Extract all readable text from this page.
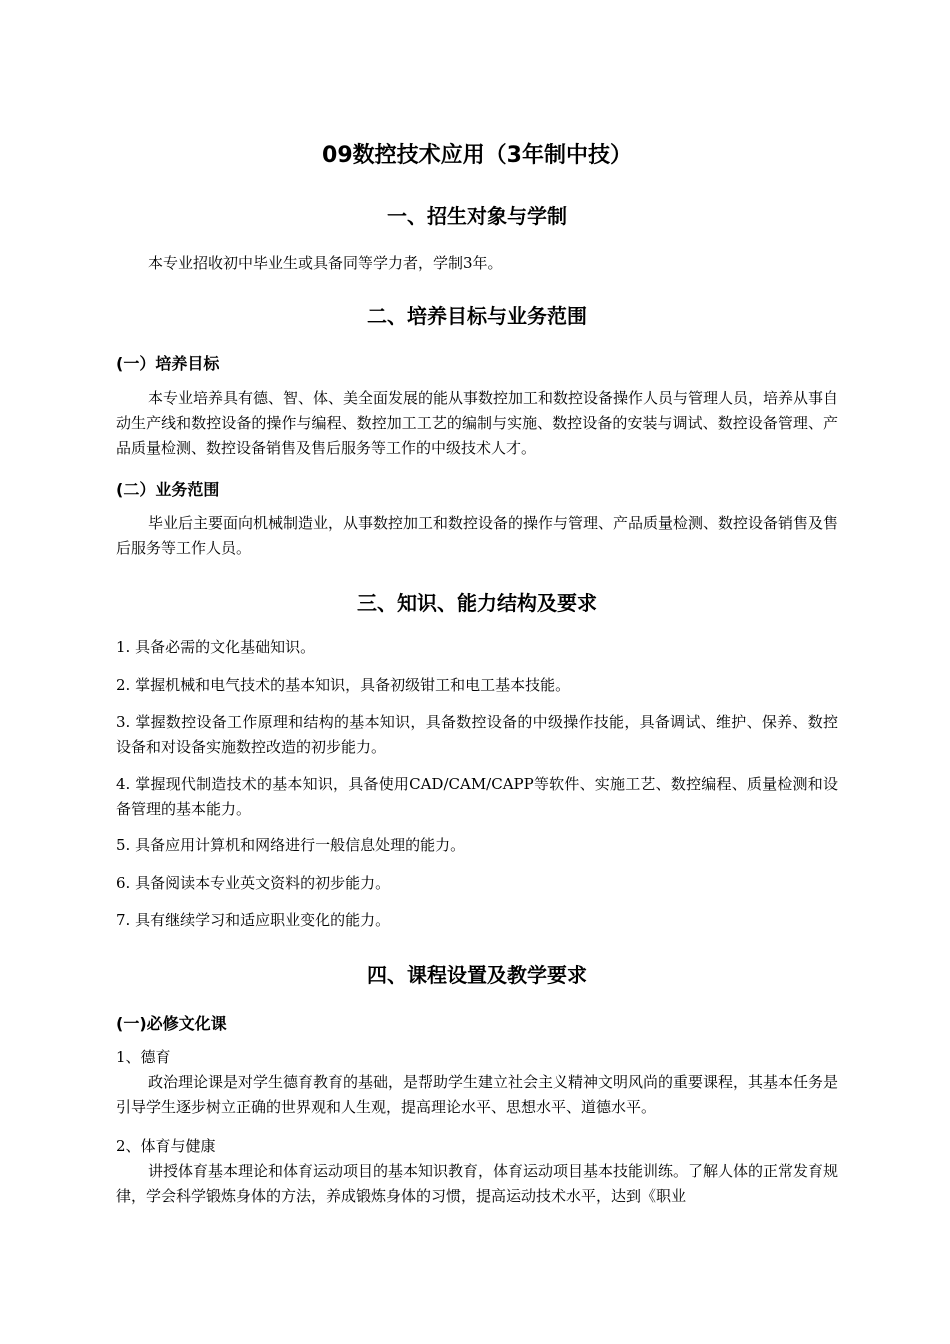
09数控技术应用（3年制中技）
一、招生对象与学制

本专业招收初中毕业生或具备同等学力者，学制3年。

二、培养目标与业务范围
(一）培养目标

本专业培养具有德、智、体、美全面发展的能从事数控加工和数控设备操作人员与管理人员，培养从事自动生产线和数控设备的操作与编程、数控加工工艺的编制与实施、数控设备的安装与调试、数控设备管理、产品质量检测、数控设备销售及售后服务等工作的中级技术人才。

(二）业务范围

毕业后主要面向机械制造业，从事数控加工和数控设备的操作与管理、产品质量检测、数控设备销售及售后服务等工作人员。

三、知识、能力结构及要求

1. 具备必需的文化基础知识。

2. 掌握机械和电气技术的基本知识，具备初级钳工和电工基本技能。

3. 掌握数控设备工作原理和结构的基本知识，具备数控设备的中级操作技能，具备调试、维护、保养、数控设备和对设备实施数控改造的初步能力。

4. 掌握现代制造技术的基本知识，具备使用CAD/CAM/CAPP等软件、实施工艺、数控编程、质量检测和设备管理的基本能力。

5. 具备应用计算机和网络进行一般信息处理的能力。

6. 具备阅读本专业英文资料的初步能力。

7. 具有继续学习和适应职业变化的能力。

四、课程设置及教学要求
(一)必修文化课

1、德育

政治理论课是对学生德育教育的基础，是帮助学生建立社会主义精神文明风尚的重要课程，其基本任务是引导学生逐步树立正确的世界观和人生观，提高理论水平、思想水平、道德水平。

2、体育与健康

讲授体育基本理论和体育运动项目的基本知识教育，体育运动项目基本技能训练。了解人体的正常发育规律，学会科学锻炼身体的方法，养成锻炼身体的习惯，提高运动技术水平，达到《职业
